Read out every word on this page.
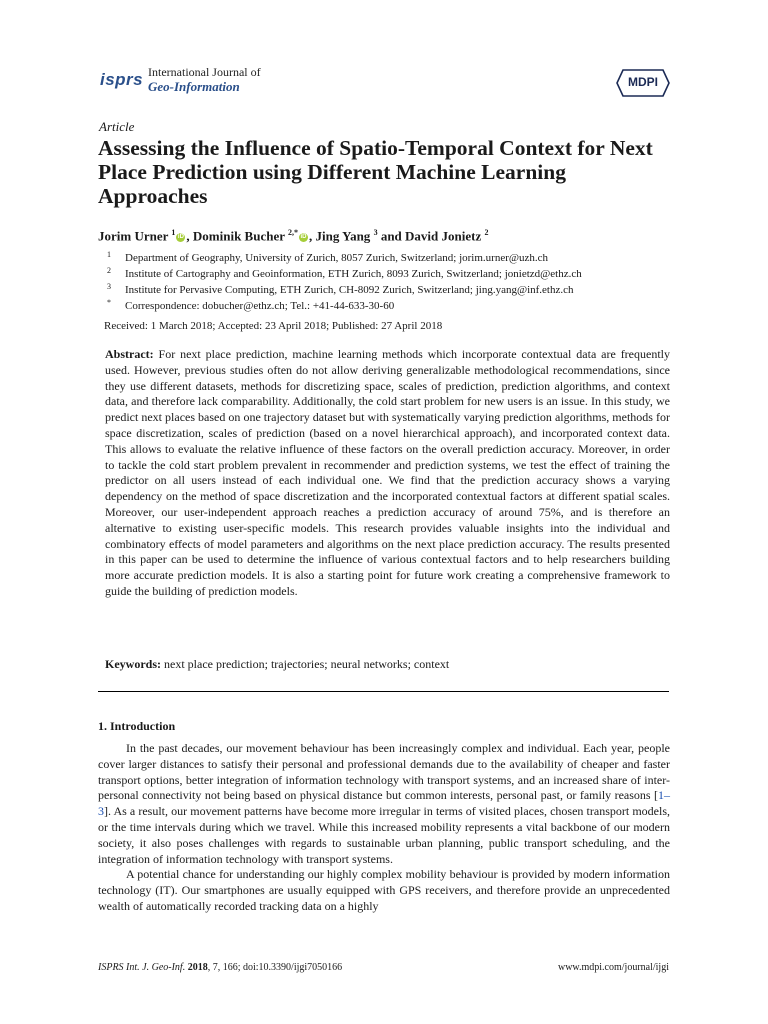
isprs International Journal of
Geo-Information	MDPI
Article
Assessing the Influence of Spatio-Temporal Context for Next Place Prediction using Different Machine Learning Approaches
Jorim Urner $^1$iD , Dominik Bucher $^{2,*}$iD , Jing Yang $^3$ and David Jonietz $^2$
1 Department of Geography, University of Zurich, 8057 Zurich, Switzerland; jorim.urner@uzh.ch
2 Institute of Cartography and Geoinformation, ETH Zurich, 8093 Zurich, Switzerland; jonietzd@ethz.ch
3 Institute for Pervasive Computing, ETH Zurich, CH-8092 Zurich, Switzerland; jing.yang@inf.ethz.ch
* Correspondence: dobucher@ethz.ch; Tel.: +41-44-633-30-60
Received: 1 March 2018; Accepted: 23 April 2018; Published: 27 April 2018
Abstract: For next place prediction, machine learning methods which incorporate contextual data are frequently used. However, previous studies often do not allow deriving generalizable methodological recommendations, since they use different datasets, methods for discretizing space, scales of prediction, prediction algorithms, and context data, and therefore lack comparability. Additionally, the cold start problem for new users is an issue. In this study, we predict next places based on one trajectory dataset but with systematically varying prediction algorithms, methods for space discretization, scales of prediction (based on a novel hierarchical approach), and incorporated context data. This allows to evaluate the relative influence of these factors on the overall prediction accuracy. Moreover, in order to tackle the cold start problem prevalent in recommender and prediction systems, we test the effect of training the predictor on all users instead of each individual one. We find that the prediction accuracy shows a varying dependency on the method of space discretization and the incorporated contextual factors at different spatial scales. Moreover, our user-independent approach reaches a prediction accuracy of around 75%, and is therefore an alternative to existing user-specific models. This research provides valuable insights into the individual and combinatory effects of model parameters and algorithms on the next place prediction accuracy. The results presented in this paper can be used to determine the influence of various contextual factors and to help researchers building more accurate prediction models. It is also a starting point for future work creating a comprehensive framework to guide the building of prediction models.
Keywords: next place prediction; trajectories; neural networks; context
1. Introduction

In the past decades, our movement behaviour has been increasingly complex and individual. Each year, people cover larger distances to satisfy their personal and professional demands due to the availability of cheaper and faster transport options, better integration of information technology with transport systems, and an increased share of inter-personal connectivity not being based on physical distance but common interests, personal past, or family reasons [1–3]. As a result, our movement patterns have become more irregular in terms of visited places, chosen transport models, or the time intervals during which we travel. While this increased mobility represents a vital backbone of our modern society, it also poses challenges with regards to sustainable urban planning, public transport scheduling, and the integration of information technology with transport systems.

A potential chance for understanding our highly complex mobility behaviour is provided by modern information technology (IT). Our smartphones are usually equipped with GPS receivers, and therefore provide an unprecedented wealth of automatically recorded tracking data on a highly

ISPRS Int. J. Geo-Inf. 2018, 7, 166; doi:10.3390/ijgi7050166	www.mdpi.com/journal/ijgi
